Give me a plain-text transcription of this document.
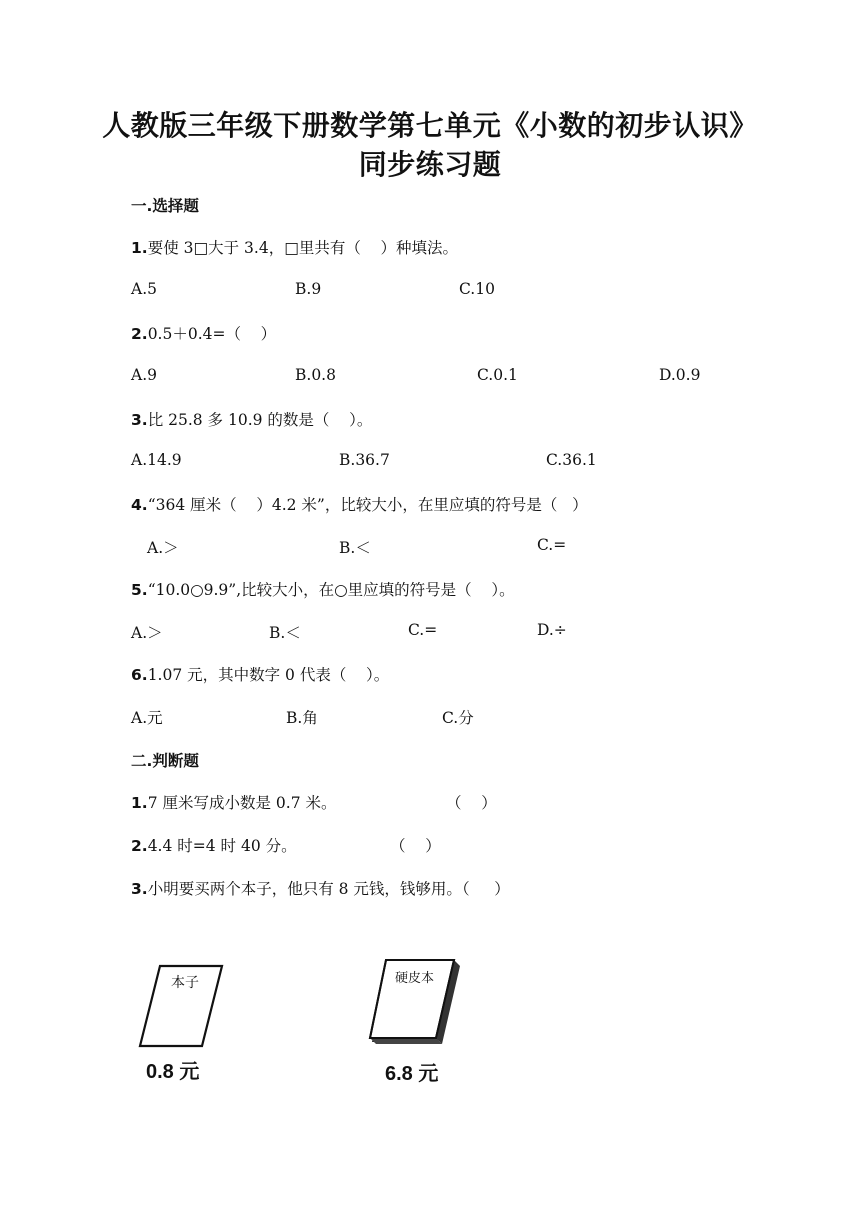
人教版三年级下册数学第七单元《小数的初步认识》
同步练习题
一.选择题
1.要使 3□大于 3.4，□里共有（    ）种填法。
A.5	B.9	C.10
2.0.5＋0.4=（    ）
A.9	B.0.8	C.0.1	D.0.9
3.比 25.8 多 10.9 的数是（    ）。
A.14.9	B.36.7	C.36.1
4.“364 厘米（    ）4.2 米”，比较大小，在里应填的符号是（   ）
A.＞	B.＜	C.=
5.“10.0○9.9”,比较大小，在○里应填的符号是（    ）。
A.＞	B.＜	C.=	D.÷
6.1.07 元，其中数字 0 代表（    ）。
A.元	B.角	C.分
二.判断题
1.7 厘米写成小数是 0.7 米。	（    ）
2.4.4 时=4 时 40 分。	（    ）
3.小明要买两个本子，他只有 8 元钱，钱够用。（     ）
本子
0.8 元
硬皮本
6.8 元
